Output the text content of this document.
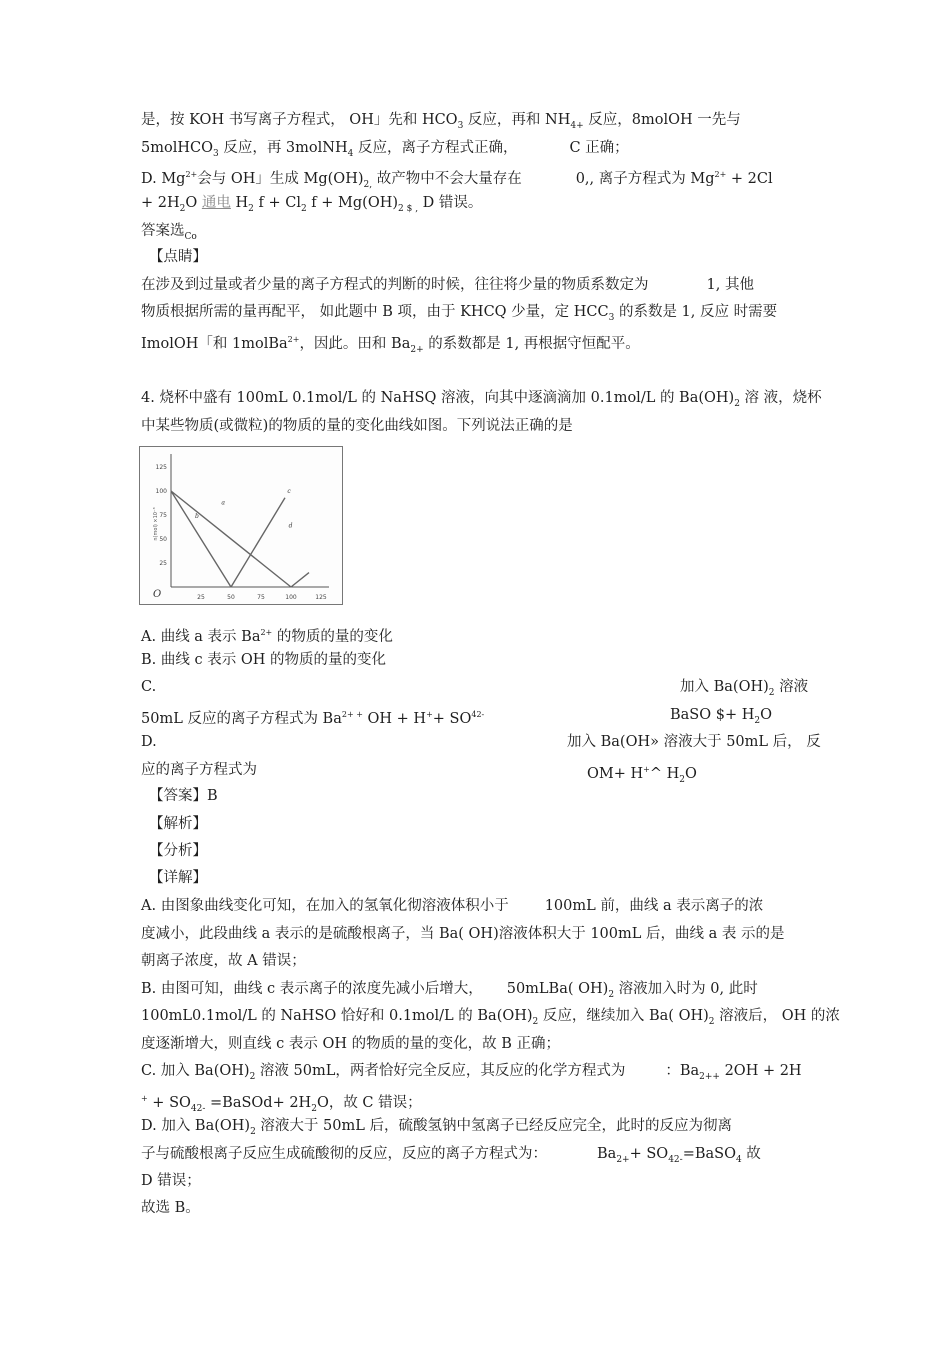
是，按 KOH 书写离子方程式， OH」先和 $HCO_3$ 反应，再和 $NH_{4+}$ 反应，8molOH 一先与
5molHCO$_3$ 反应，再 3molNH$_4$ 反应，离子方程式正确，	C 正确；
D. $Mg^{2+}$会与 OH」生成 $Mg(OH)_{2,}$ 故产物中不会大量存在	0,, 离子方程式为 $Mg^{2+} + 2Cl$
+ $2H_2O$ 通电 $H_2$ $f + Cl_2$ $f + Mg(OH)_{2 \$ ,}$ D 错误。
答案选$_{Co}$
【点睛】
在涉及到过量或者少量的离子方程式的判断的时候，往往将少量的物质系数定为	1, 其他
物质根据所需的量再配平， 如此题中 B 项，由于 KHCQ 少量，定 $HCC_3$ 的系数是 1, 反应 时需要
ImolOH「和 1molBa$^{2+}$，因此。田和 $Ba_{2+}$ 的系数都是 1, 再根据守恒配平。
4. 烧杯中盛有 100mL 0.1mol/L 的 NaHSQ 溶液，向其中逐滴滴加 0.1mol/L 的 $Ba(OH)_2$ 溶 液，烧杯
中某些物质(或微粒)的物质的量的变化曲线如图。下列说法正确的是
25	50	75	100	125
25
50
75
100
125
O
n(mol) ×10⁻³
a
b
c
d
A. 曲线 a 表示 $Ba^{2+}$ 的物质的量的变化
B. 曲线 c 表示 OH 的物质的量的变化
C.	加入 $Ba(OH)_2$ 溶液
50mL 反应的离子方程式为 $Ba^{2+ +}$ OH + $H^++ SO^{42-}$	BaSO $+ $H_2O$
D.	加入 Ba(OH» 溶液大于 50mL 后， 反
应的离子方程式为	OM+ H+^ $H_2O$
【答案】B
【解析】
【分析】
【详解】
A. 由图象曲线变化可知，在加入的氢氧化彻溶液体积小于 100mL 前，曲线 a 表示离子的浓
度减小，此段曲线 a 表示的是硫酸根离子，当 Ba( OH)溶液体积大于 100mL 后，曲线 a 表 示的是
朝离子浓度，故 A 错误；
B. 由图可知，曲线 c 表示离子的浓度先减小后增大， 50mLBa( $OH)_2$ 溶液加入时为 0, 此时
100mL0.1mol/L 的 NaHSO 恰好和 0.1mol/L 的 $Ba(OH)_2$ 反应，继续加入 Ba( $OH)_2$ 溶液后， OH 的浓
度逐渐增大，则直线 c 表示 OH 的物质的量的变化，故 B 正确；
C. 加入 $Ba(OH)_2$ 溶液 50mL，两者恰好完全反应，其反应的化学方程式为	：$Ba_{2++}$ 2OH + 2H
$^+ + SO_{42-}$ =BaSOd+ $2H_2O$，故 C 错误；
D. 加入 $Ba(OH)_2$ 溶液大于 50mL 后，硫酸氢钠中氢离子已经反应完全，此时的反应为彻离
子与硫酸根离子反应生成硫酸彻的反应，反应的离子方程式为：	$Ba_{2+}+$ $SO_{42-}=BaSO_4$ 故
D 错误；
故选 B。
